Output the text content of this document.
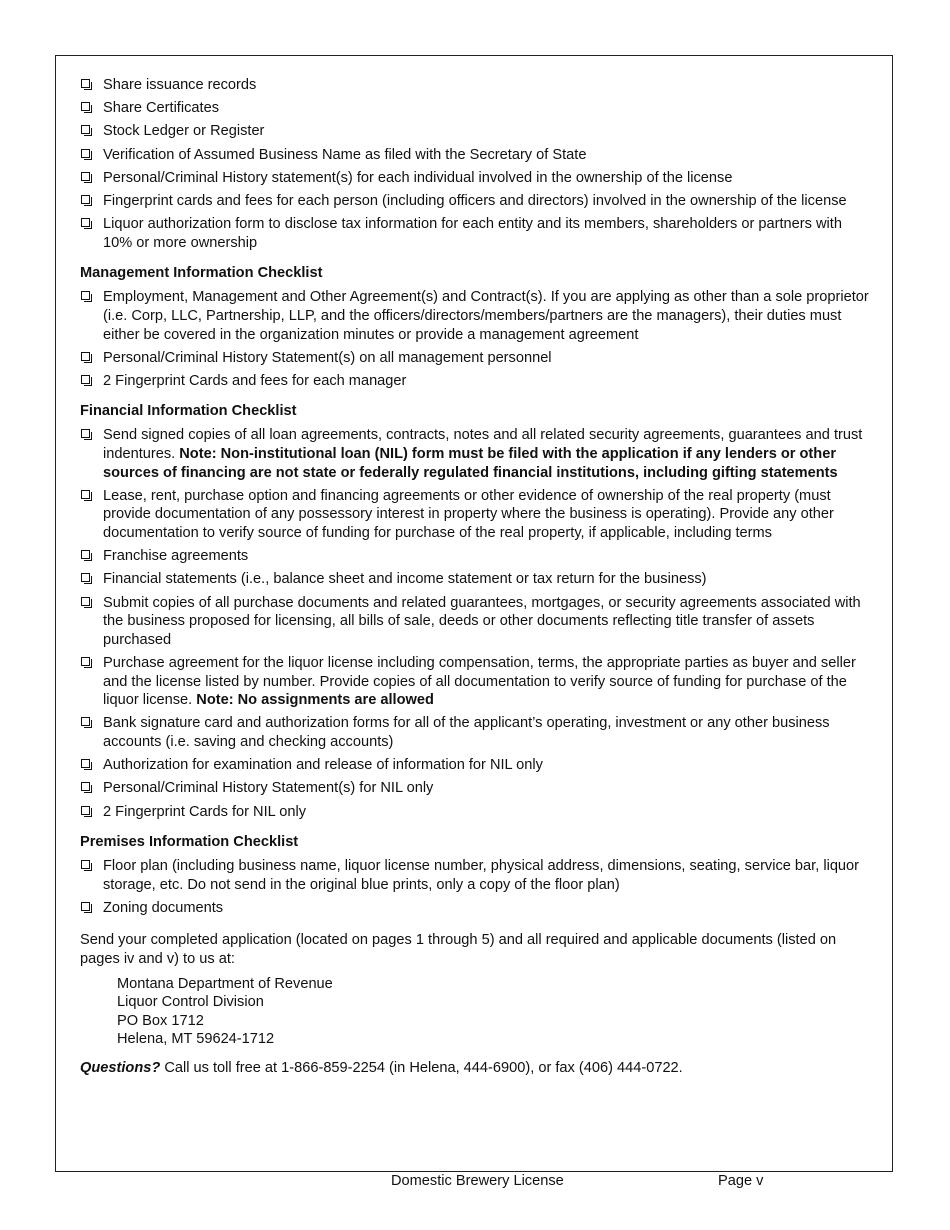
Share issuance records
Share Certificates
Stock Ledger or Register
Verification of Assumed Business Name as filed with the Secretary of State
Personal/Criminal History statement(s) for each individual involved in the ownership of the license
Fingerprint cards and fees for each person (including officers and directors) involved in the ownership of the license
Liquor authorization form to disclose tax information for each entity and its members, shareholders or partners with 10% or more ownership
Management Information Checklist
Employment, Management and Other Agreement(s) and Contract(s). If you are applying as other than a sole proprietor (i.e. Corp, LLC, Partnership, LLP, and the officers/directors/members/partners are the managers), their duties must either be covered in the organization minutes or provide a management agreement
Personal/Criminal History Statement(s) on all management personnel
2 Fingerprint Cards and fees for each manager
Financial Information Checklist
Send signed copies of all loan agreements, contracts, notes and all related security agreements, guarantees and trust indentures. Note: Non-institutional loan (NIL) form must be filed with the application if any lenders or other sources of financing are not state or federally regulated financial institutions, including gifting statements
Lease, rent, purchase option and financing agreements or other evidence of ownership of the real property (must provide documentation of any possessory interest in property where the business is operating). Provide any other documentation to verify source of funding for purchase of the real property, if applicable, including terms
Franchise agreements
Financial statements (i.e., balance sheet and income statement or tax return for the business)
Submit copies of all purchase documents and related guarantees, mortgages, or security agreements associated with the business proposed for licensing, all bills of sale, deeds or other documents reflecting title transfer of assets purchased
Purchase agreement for the liquor license including compensation, terms, the appropriate parties as buyer and seller and the license listed by number. Provide copies of all documentation to verify source of funding for purchase of the liquor license. Note: No assignments are allowed
Bank signature card and authorization forms for all of the applicant’s operating, investment or any other business accounts (i.e. saving and checking accounts)
Authorization for examination and release of information for NIL only
Personal/Criminal History Statement(s) for NIL only
2 Fingerprint Cards for NIL only
Premises Information Checklist
Floor plan (including business name, liquor license number, physical address, dimensions, seating, service bar, liquor storage, etc. Do not send in the original blue prints, only a copy of the floor plan)
Zoning documents
Send your completed application (located on pages 1 through 5) and all required and applicable documents (listed on pages iv and v) to us at:
Montana Department of Revenue
Liquor Control Division
PO Box 1712
Helena, MT 59624-1712
Questions? Call us toll free at 1-866-859-2254 (in Helena, 444-6900), or fax (406) 444-0722.
Domestic Brewery License	Page v
